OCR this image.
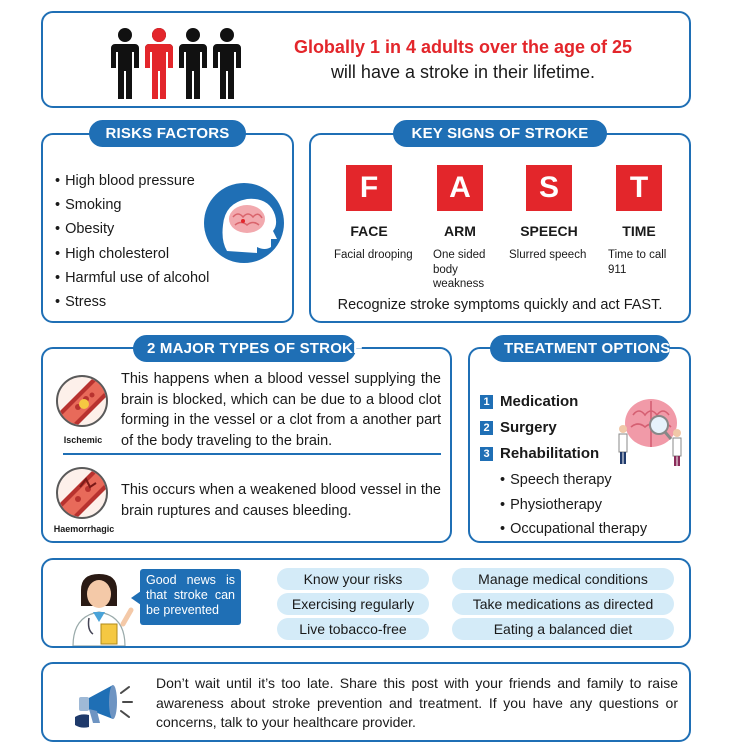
Globally 1 in 4 adults over the age of 25
will have a stroke in their lifetime.
• High blood pressure
• Smoking
• Obesity
• High cholesterol
• Harmful use of alcohol
• Stress
RISKS FACTORS
F
FACE
Facial drooping
A
ARM
One sided body weakness
S
SPEECH
Slurred speech
T
TIME
Time to call 911
Recognize stroke symptoms quickly and act FAST.
KEY SIGNS OF STROKE
Ischemic
This happens when a blood vessel supplying the brain is blocked, which can be due to a blood clot forming in the vessel or a clot from a another part of the body traveling to the brain.
Haemorrhagic
This occurs when a weakened blood vessel in the brain ruptures and causes bleeding.
2 MAJOR TYPES OF STROKE
1 Medication
2 Surgery
3 Rehabilitation
• Speech therapy
• Physiotherapy
• Occupational therapy
TREATMENT OPTIONS
Good news is that stroke can be prevented
Know your risks
Exercising regularly
Live tobacco-free
Manage medical conditions
Take medications as directed
Eating a balanced diet
Don’t wait until it’s too late. Share this post with your friends and family to raise awareness about stroke prevention and treatment. If you have any questions or concerns, talk to your healthcare provider.
